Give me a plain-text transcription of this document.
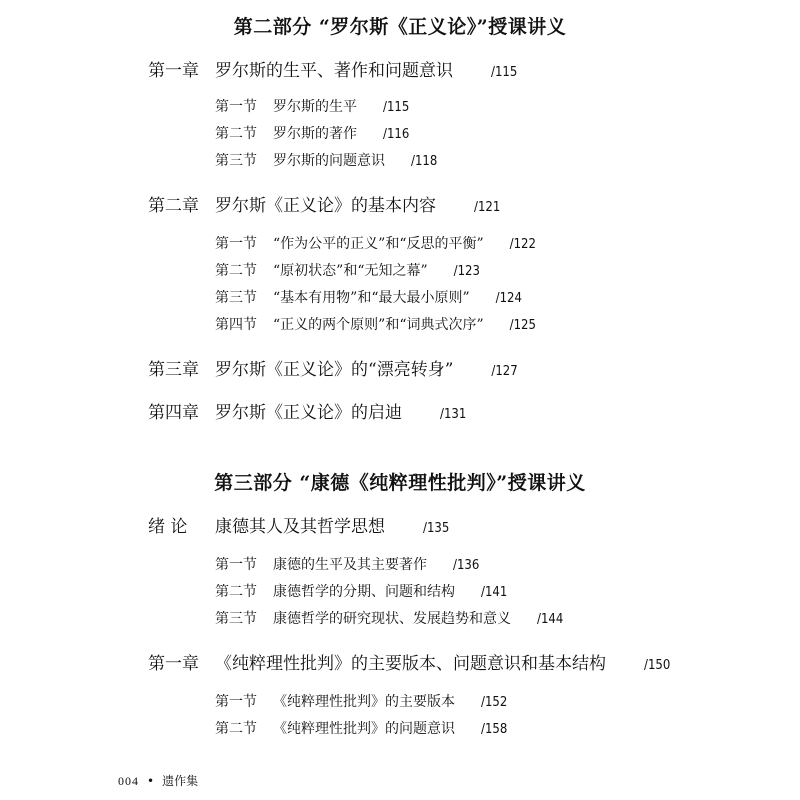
第二部分 “罗尔斯《正义论》”授课讲义
第一章 罗尔斯的生平、著作和问题意识	/115
第一节 罗尔斯的生平 /115
第二节 罗尔斯的著作 /116
第三节 罗尔斯的问题意识 /118
第二章 罗尔斯《正义论》的基本内容	/121
第一节 “作为公平的正义”和“反思的平衡” /122
第二节 “原初状态”和“无知之幕” /123
第三节 “基本有用物”和“最大最小原则” /124
第四节 “正义的两个原则”和“词典式次序” /125
第三章 罗尔斯《正义论》的“漂亮转身”	/127
第四章 罗尔斯《正义论》的启迪	/131
第三部分 “康德《纯粹理性批判》”授课讲义
绪 论 康德其人及其哲学思想	/135
第一节 康德的生平及其主要著作 /136
第二节 康德哲学的分期、问题和结构 /141
第三节 康德哲学的研究现状、发展趋势和意义 /144
第一章 《纯粹理性批判》的主要版本、问题意识和基本结构	/150
第一节 《纯粹理性批判》的主要版本 /152
第二节 《纯粹理性批判》的问题意识 /158
004 • 遗作集
